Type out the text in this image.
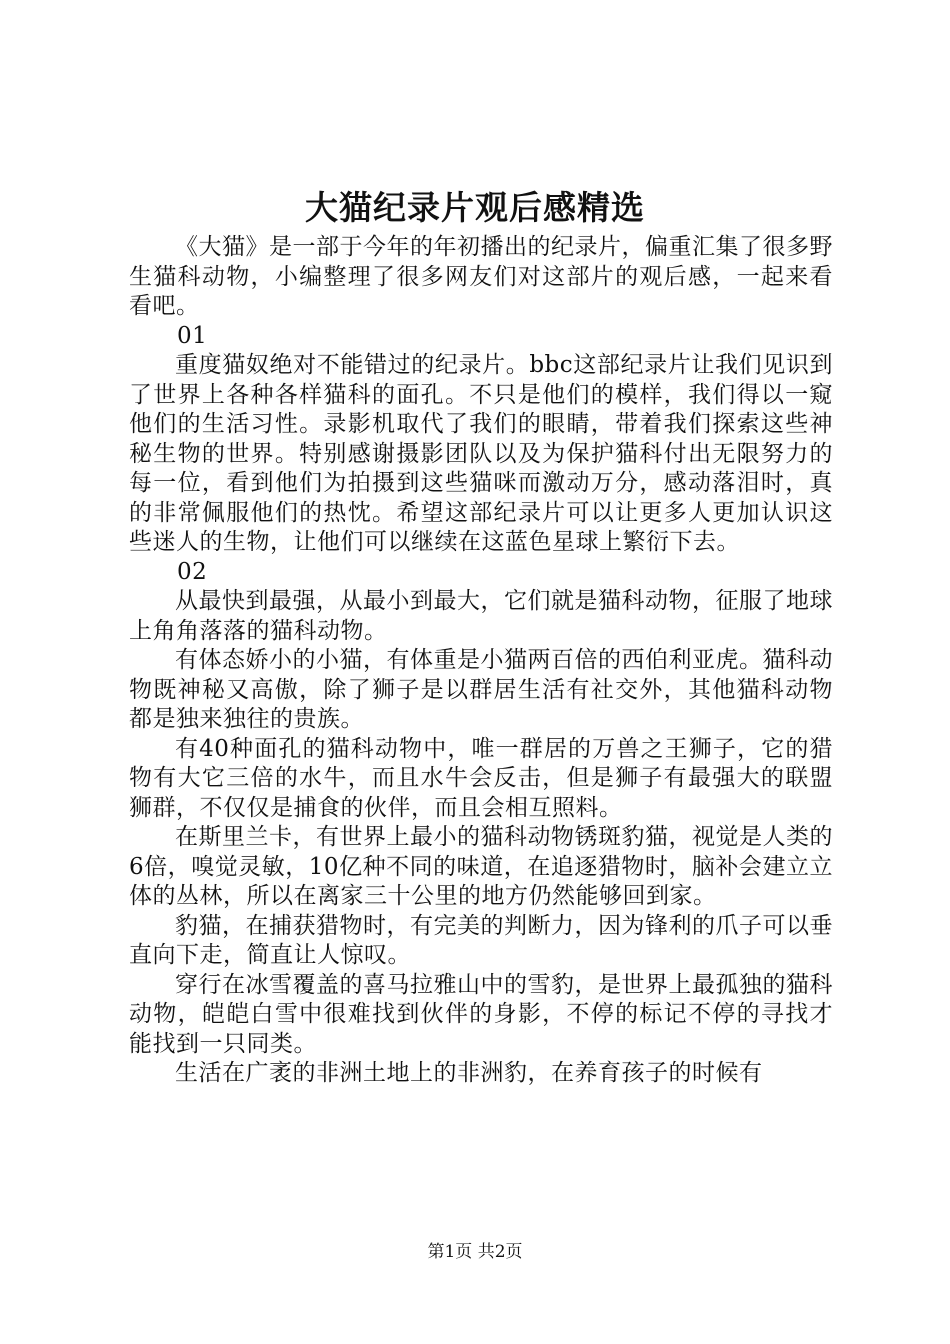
大猫纪录片观后感精选

《大猫》是一部于今年的年初播出的纪录片，偏重汇集了很多野生猫科动物，小编整理了很多网友们对这部片的观后感，一起来看看吧。

01

重度猫奴绝对不能错过的纪录片。bbc这部纪录片让我们见识到了世界上各种各样猫科的面孔。不只是他们的模样，我们得以一窥他们的生活习性。录影机取代了我们的眼睛，带着我们探索这些神秘生物的世界。特别感谢摄影团队以及为保护猫科付出无限努力的每一位，看到他们为拍摄到这些猫咪而激动万分，感动落泪时，真的非常佩服他们的热忱。希望这部纪录片可以让更多人更加认识这些迷人的生物，让他们可以继续在这蓝色星球上繁衍下去。

02

从最快到最强，从最小到最大，它们就是猫科动物，征服了地球上角角落落的猫科动物。

有体态娇小的小猫，有体重是小猫两百倍的西伯利亚虎。猫科动物既神秘又高傲，除了狮子是以群居生活有社交外，其他猫科动物都是独来独往的贵族。

有40种面孔的猫科动物中，唯一群居的万兽之王狮子，它的猎物有大它三倍的水牛，而且水牛会反击，但是狮子有最强大的联盟狮群，不仅仅是捕食的伙伴，而且会相互照料。

在斯里兰卡，有世界上最小的猫科动物锈斑豹猫，视觉是人类的6倍，嗅觉灵敏，10亿种不同的味道，在追逐猎物时，脑补会建立立体的丛林，所以在离家三十公里的地方仍然能够回到家。

豹猫，在捕获猎物时，有完美的判断力，因为锋利的爪子可以垂直向下走，简直让人惊叹。

穿行在冰雪覆盖的喜马拉雅山中的雪豹，是世界上最孤独的猫科动物，皑皑白雪中很难找到伙伴的身影，不停的标记不停的寻找才能找到一只同类。

生活在广袤的非洲土地上的非洲豹，在养育孩子的时候有

第1页 共2页
